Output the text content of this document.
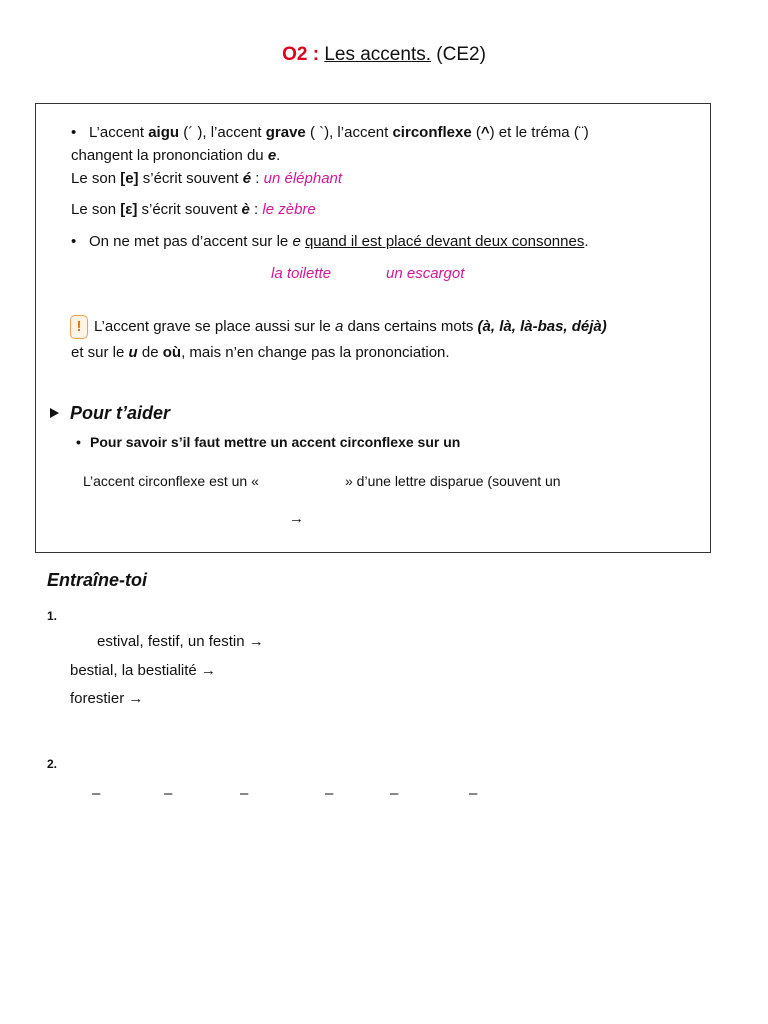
O2 : Les accents. (CE2)
• L’accent aigu (´ ), l’accent grave ( `), l’accent circonflexe (^) et le tréma (¨)
changent la prononciation du e.
Le son [e] s’écrit souvent é : un éléphant
Le son [ε] s’écrit souvent è : le zèbre
• On ne met pas d’accent sur le e quand il est placé devant deux consonnes.
la toilette	un escargot
! L’accent grave se place aussi sur le a dans certains mots (à, là, là-bas, déjà)
et sur le u de où, mais n’en change pas la prononciation.
Pour t’aider
• Pour savoir s’il faut mettre un accent circonflexe sur un
L’accent circonflexe est un «	» d’une lettre disparue (souvent un
→
Entraîne-toi
1.
estival, festif, un festin →
bestial, la bestialité →
forestier →
2.
–	–	–	–	–	–
